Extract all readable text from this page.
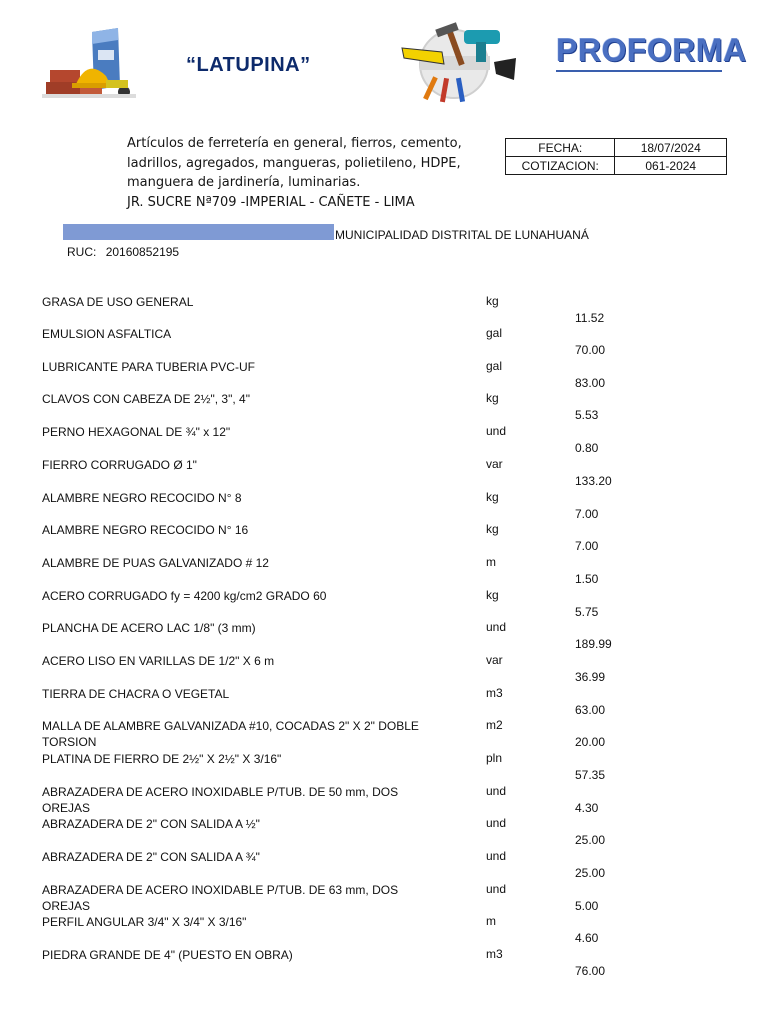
“LATUPINA”	PROFORMA
Artículos de ferretería en general, fierros, cemento,
ladrillos, agregados, mangueras, polietileno, HDPE,
manguera de jardinería, luminarias.
JR. SUCRE Nª709 -IMPERIAL - CAÑETE - LIMA
FECHA:	18/07/2024
COTIZACION:	061-2024
MUNICIPALIDAD DISTRITAL DE LUNAHUANÁ
RUC: 20160852195
GRASA DE USO GENERAL	kg
11.52
EMULSION ASFALTICA	gal
70.00
LUBRICANTE PARA TUBERIA PVC-UF	gal
83.00
CLAVOS CON CABEZA DE 2½", 3", 4"	kg
5.53
PERNO HEXAGONAL DE ¾" x 12"	und
0.80
FIERRO CORRUGADO Ø 1"	var
133.20
ALAMBRE NEGRO RECOCIDO N° 8	kg
7.00
ALAMBRE NEGRO RECOCIDO N° 16	kg
7.00
ALAMBRE DE PUAS GALVANIZADO # 12	m
1.50
ACERO CORRUGADO fy = 4200 kg/cm2 GRADO 60	kg
5.75
PLANCHA DE ACERO LAC 1/8" (3 mm)	und
189.99
ACERO LISO EN VARILLAS DE 1/2" X 6 m	var
36.99
TIERRA DE CHACRA O VEGETAL	m3
63.00
MALLA DE ALAMBRE GALVANIZADA #10, COCADAS 2" X 2" DOBLE TORSION
m2
20.00
PLATINA DE FIERRO DE 2½" X 2½" X 3/16"	pln
57.35
ABRAZADERA DE ACERO INOXIDABLE P/TUB. DE 50 mm, DOS OREJAS
und
4.30
ABRAZADERA DE 2" CON SALIDA A ½"	und
25.00
ABRAZADERA DE 2" CON SALIDA A ¾"	und
25.00
ABRAZADERA DE ACERO INOXIDABLE P/TUB. DE 63 mm, DOS OREJAS
und
5.00
PERFIL ANGULAR 3/4" X 3/4" X 3/16"	m
4.60
PIEDRA GRANDE DE 4" (PUESTO EN OBRA)	m3
76.00
